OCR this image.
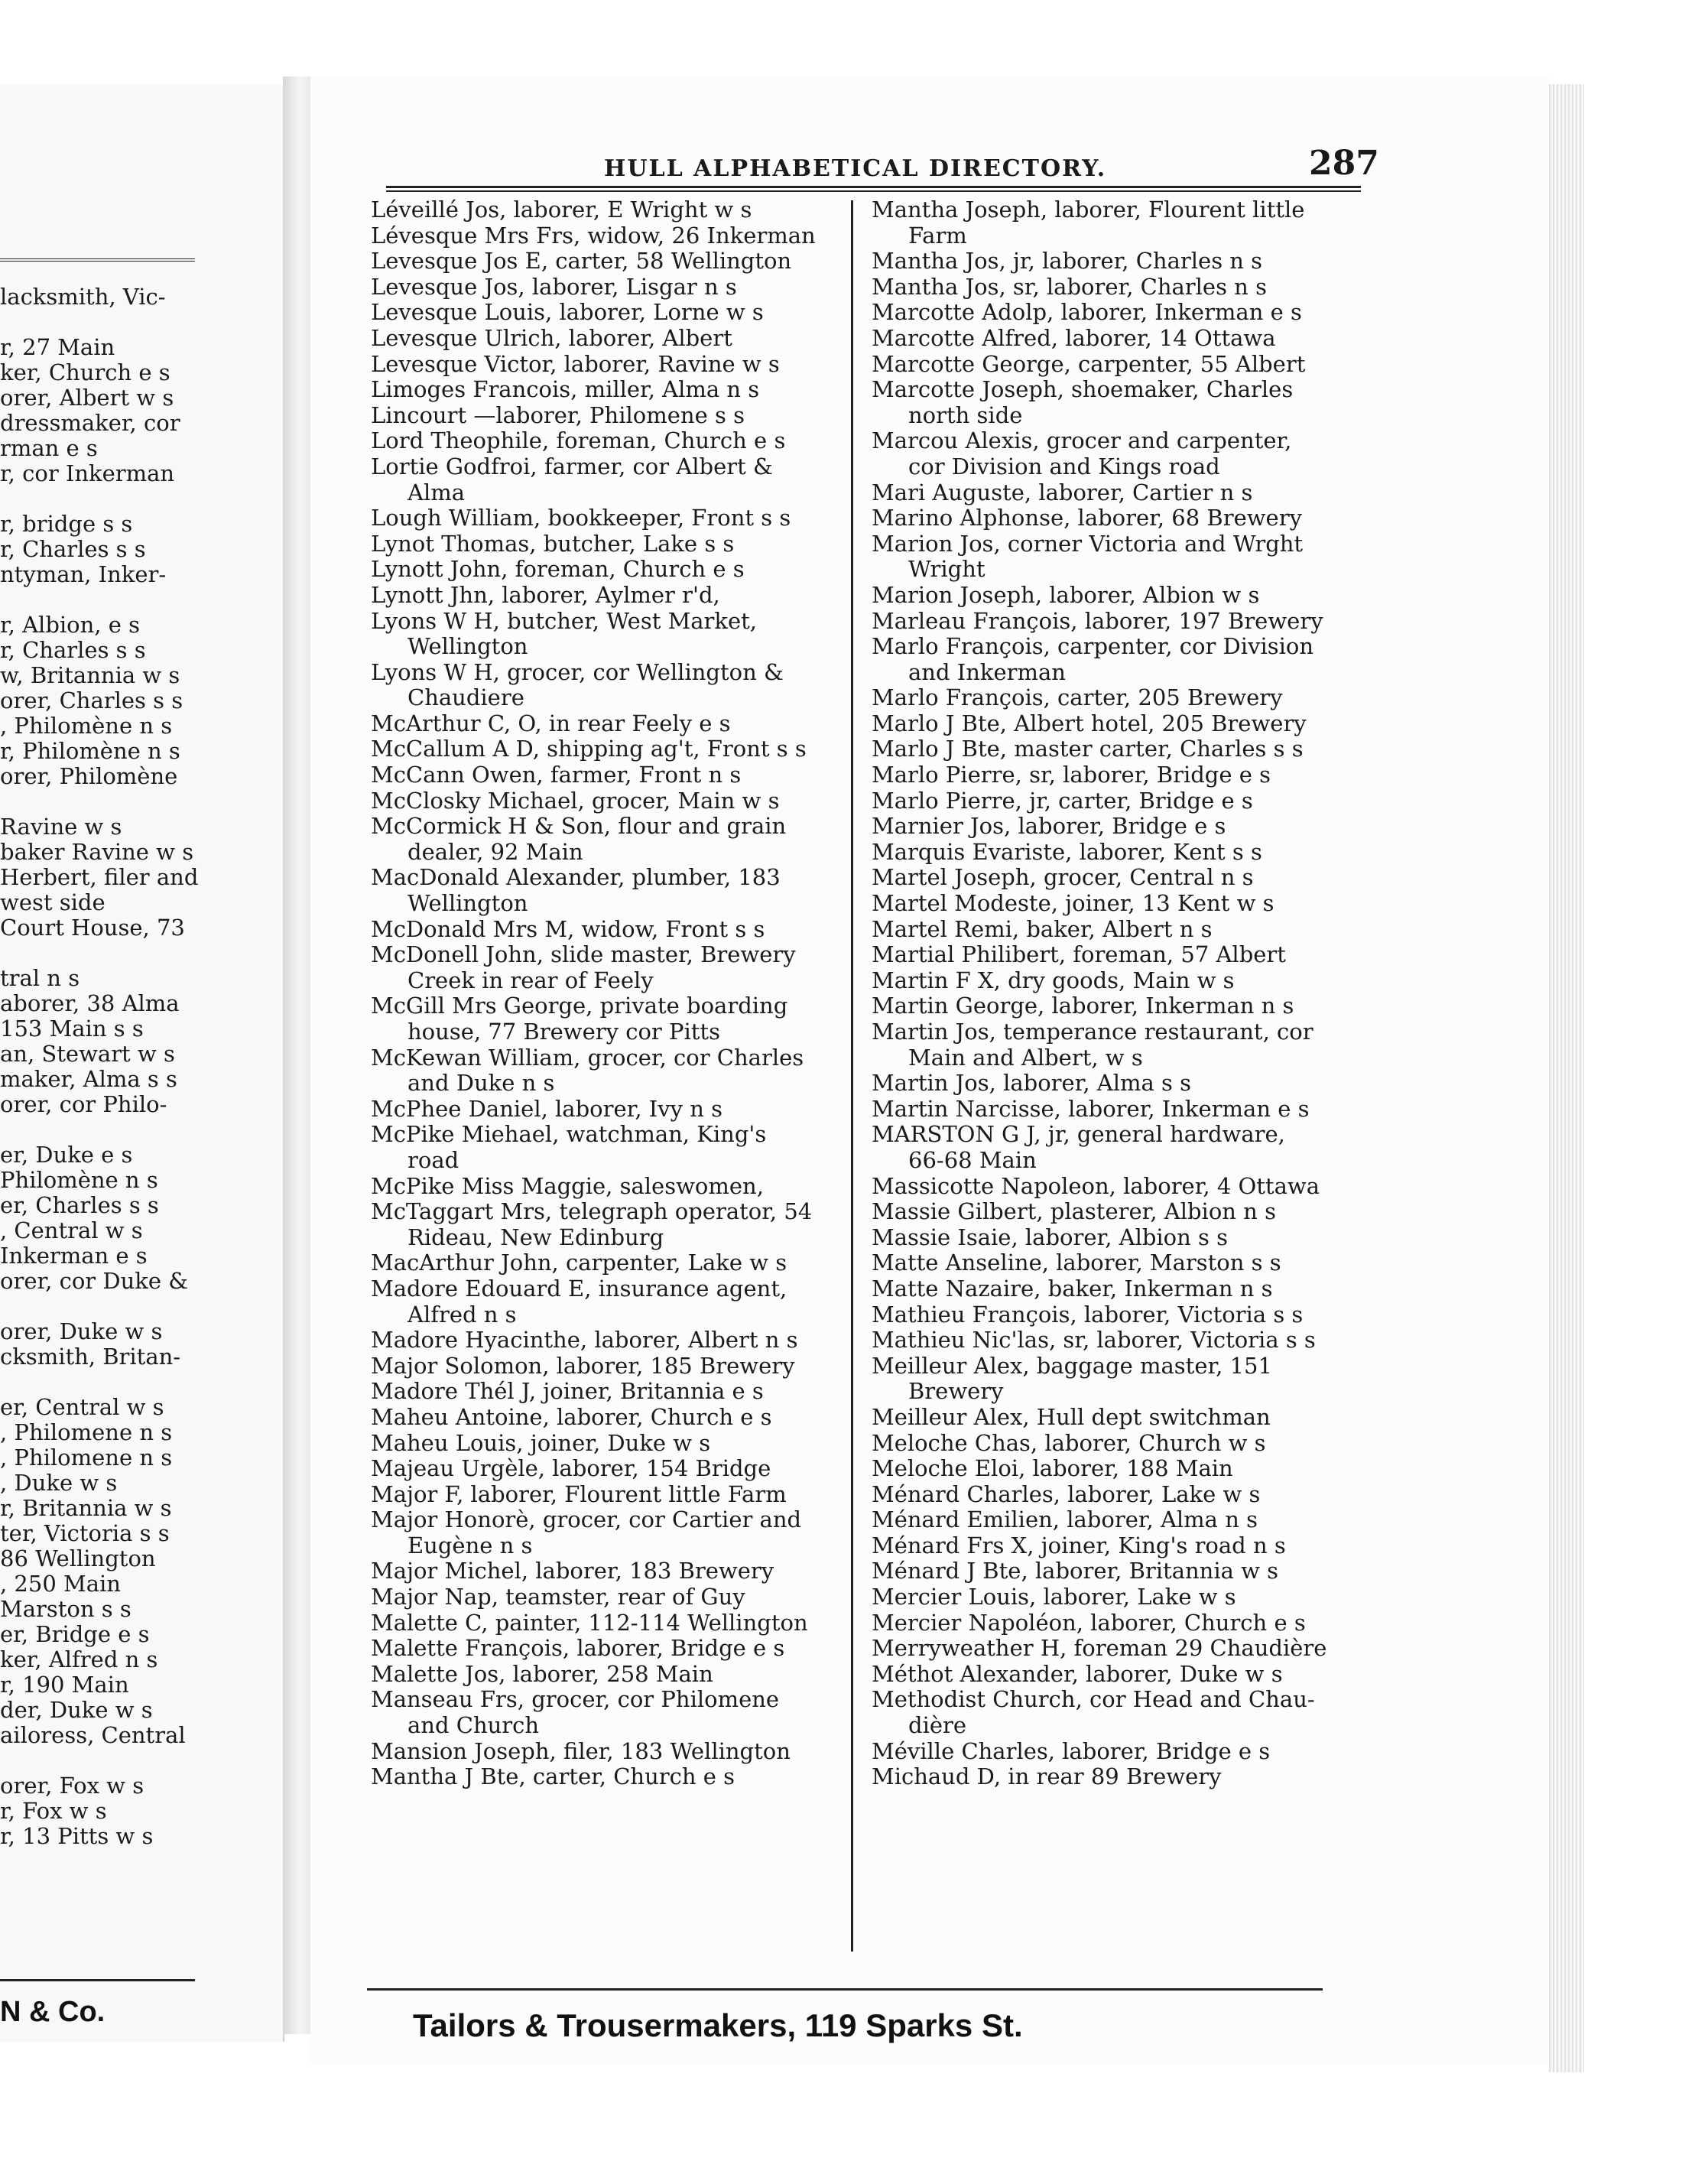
lacksmith, Vic-
r, 27 Main
ker, Church e s
orer, Albert w s
dressmaker, cor
rman e s
r, cor Inkerman
r, bridge s s
r, Charles s s
ntyman, Inker-
r, Albion, e s
r, Charles s s
w, Britannia w s
orer, Charles s s
, Philomène n s
r, Philomène n s
orer, Philomène
Ravine w s
baker Ravine w s
Herbert, filer and
west side
Court House, 73
tral n s
aborer, 38 Alma
153 Main s s
an, Stewart w s
maker, Alma s s
orer, cor Philo-
er, Duke e s
Philomène n s
er, Charles s s
, Central w s
Inkerman e s
orer, cor Duke &
orer, Duke w s
cksmith, Britan-
er, Central w s
, Philomene n s
, Philomene n s
, Duke w s
r, Britannia w s
ter, Victoria s s
86 Wellington
, 250 Main
Marston s s
er, Bridge e s
ker, Alfred n s
r, 190 Main
der, Duke w s
ailoress, Central
orer, Fox w s
r, Fox w s
r, 13 Pitts w s
N & Co.
HULL ALPHABETICAL DIRECTORY.	287
Léveillé Jos, laborer, E Wright w s
Lévesque Mrs Frs, widow, 26 Inkerman
Levesque Jos E, carter, 58 Wellington
Levesque Jos, laborer, Lisgar n s
Levesque Louis, laborer, Lorne w s
Levesque Ulrich, laborer, Albert
Levesque Victor, laborer, Ravine w s
Limoges Francois, miller, Alma n s
Lincourt —laborer, Philomene s s
Lord Theophile, foreman, Church e s
Lortie Godfroi, farmer, cor Albert &
Alma
Lough William, bookkeeper, Front s s
Lynot Thomas, butcher, Lake s s
Lynott John, foreman, Church e s
Lynott Jhn, laborer, Aylmer r'd,
Lyons W H, butcher, West Market,
Wellington
Lyons W H, grocer, cor Wellington &
Chaudiere
McArthur C, O, in rear Feely e s
McCallum A D, shipping ag't, Front s s
McCann Owen, farmer, Front n s
McClosky Michael, grocer, Main w s
McCormick H & Son, flour and grain
dealer, 92 Main
MacDonald Alexander, plumber, 183
Wellington
McDonald Mrs M, widow, Front s s
McDonell John, slide master, Brewery
Creek in rear of Feely
McGill Mrs George, private boarding
house, 77 Brewery cor Pitts
McKewan William, grocer, cor Charles
and Duke n s
McPhee Daniel, laborer, Ivy n s
McPike Miehael, watchman, King's
road
McPike Miss Maggie, saleswomen,
McTaggart Mrs, telegraph operator, 54
Rideau, New Edinburg
MacArthur John, carpenter, Lake w s
Madore Edouard E, insurance agent,
Alfred n s
Madore Hyacinthe, laborer, Albert n s
Major Solomon, laborer, 185 Brewery
Madore Thél J, joiner, Britannia e s
Maheu Antoine, laborer, Church e s
Maheu Louis, joiner, Duke w s
Majeau Urgèle, laborer, 154 Bridge
Major F, laborer, Flourent little Farm
Major Honorè, grocer, cor Cartier and
Eugène n s
Major Michel, laborer, 183 Brewery
Major Nap, teamster, rear of Guy
Malette C, painter, 112-114 Wellington
Malette François, laborer, Bridge e s
Malette Jos, laborer, 258 Main
Manseau Frs, grocer, cor Philomene
and Church
Mansion Joseph, filer, 183 Wellington
Mantha J Bte, carter, Church e s
Mantha Joseph, laborer, Flourent little
Farm
Mantha Jos, jr, laborer, Charles n s
Mantha Jos, sr, laborer, Charles n s
Marcotte Adolp, laborer, Inkerman e s
Marcotte Alfred, laborer, 14 Ottawa
Marcotte George, carpenter, 55 Albert
Marcotte Joseph, shoemaker, Charles
north side
Marcou Alexis, grocer and carpenter,
cor Division and Kings road
Mari Auguste, laborer, Cartier n s
Marino Alphonse, laborer, 68 Brewery
Marion Jos, corner Victoria and Wrght
Wright
Marion Joseph, laborer, Albion w s
Marleau François, laborer, 197 Brewery
Marlo François, carpenter, cor Division
and Inkerman
Marlo François, carter, 205 Brewery
Marlo J Bte, Albert hotel, 205 Brewery
Marlo J Bte, master carter, Charles s s
Marlo Pierre, sr, laborer, Bridge e s
Marlo Pierre, jr, carter, Bridge e s
Marnier Jos, laborer, Bridge e s
Marquis Evariste, laborer, Kent s s
Martel Joseph, grocer, Central n s
Martel Modeste, joiner, 13 Kent w s
Martel Remi, baker, Albert n s
Martial Philibert, foreman, 57 Albert
Martin F X, dry goods, Main w s
Martin George, laborer, Inkerman n s
Martin Jos, temperance restaurant, cor
Main and Albert, w s
Martin Jos, laborer, Alma s s
Martin Narcisse, laborer, Inkerman e s
MARSTON G J, jr, general hardware,
66-68 Main
Massicotte Napoleon, laborer, 4 Ottawa
Massie Gilbert, plasterer, Albion n s
Massie Isaie, laborer, Albion s s
Matte Anseline, laborer, Marston s s
Matte Nazaire, baker, Inkerman n s
Mathieu François, laborer, Victoria s s
Mathieu Nic'las, sr, laborer, Victoria s s
Meilleur Alex, baggage master, 151
Brewery
Meilleur Alex, Hull dept switchman
Meloche Chas, laborer, Church w s
Meloche Eloi, laborer, 188 Main
Ménard Charles, laborer, Lake w s
Ménard Emilien, laborer, Alma n s
Ménard Frs X, joiner, King's road n s
Ménard J Bte, laborer, Britannia w s
Mercier Louis, laborer, Lake w s
Mercier Napoléon, laborer, Church e s
Merryweather H, foreman 29 Chaudière
Méthot Alexander, laborer, Duke w s
Methodist Church, cor Head and Chau-
dière
Méville Charles, laborer, Bridge e s
Michaud D, in rear 89 Brewery
Tailors & Trousermakers, 119 Sparks St.
